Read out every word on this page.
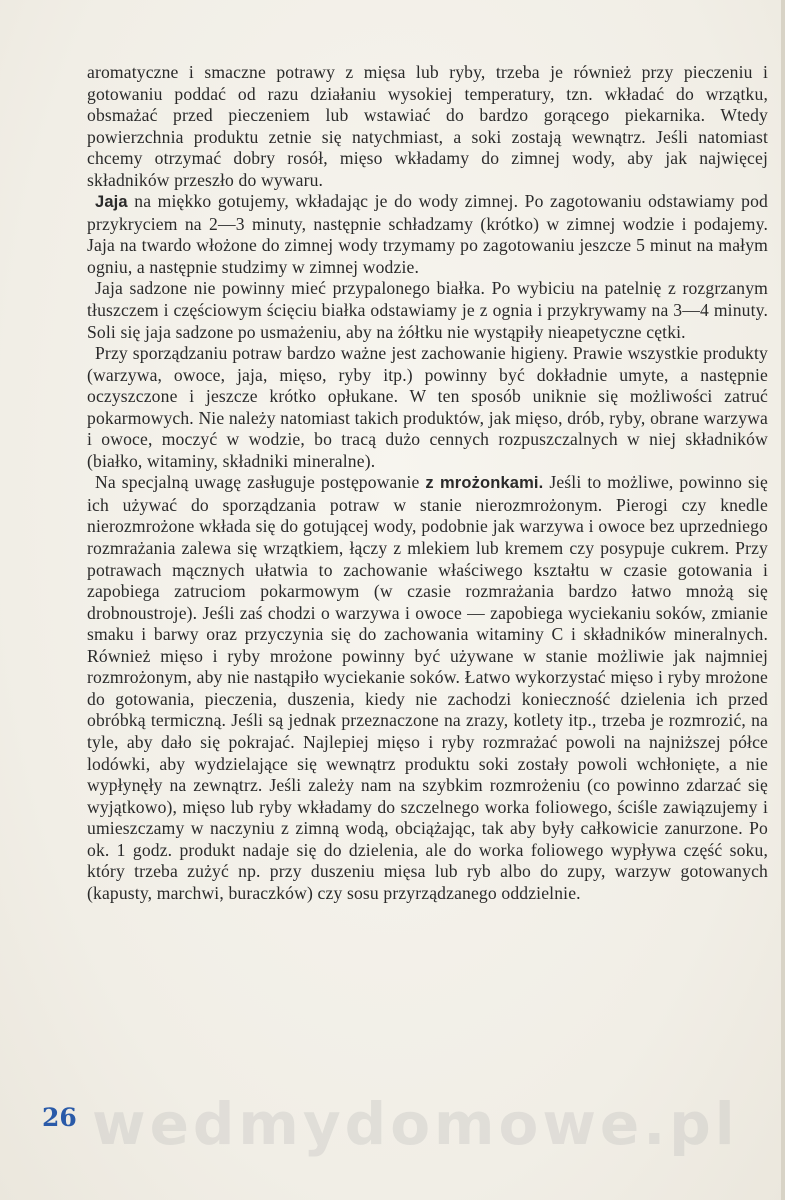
aromatyczne i smaczne potrawy z mięsa lub ryby, trzeba je również przy pieczeniu i gotowaniu poddać od razu działaniu wysokiej temperatury, tzn. wkładać do wrzątku, obsmażać przed pieczeniem lub wstawiać do bardzo gorącego piekarnika. Wtedy powierzchnia produktu zetnie się natychmiast, a soki zostają wewnątrz. Jeśli natomiast chcemy otrzymać dobry rosół, mięso wkładamy do zimnej wody, aby jak najwięcej składników przeszło do wywaru.

Jaja na miękko gotujemy, wkładając je do wody zimnej. Po zagotowaniu odstawiamy pod przykryciem na 2—3 minuty, następnie schładzamy (krótko) w zimnej wodzie i podajemy. Jaja na twardo włożone do zimnej wody trzymamy po zagotowaniu jeszcze 5 minut na małym ogniu, a następnie studzimy w zimnej wodzie.

Jaja sadzone nie powinny mieć przypalonego białka. Po wybiciu na patelnię z rozgrzanym tłuszczem i częściowym ścięciu białka odstawiamy je z ognia i przykrywamy na 3—4 minuty. Soli się jaja sadzone po usmażeniu, aby na żółtku nie wystąpiły nieapetyczne cętki.

Przy sporządzaniu potraw bardzo ważne jest zachowanie higieny. Prawie wszystkie produkty (warzywa, owoce, jaja, mięso, ryby itp.) powinny być dokładnie umyte, a następnie oczyszczone i jeszcze krótko opłukane. W ten sposób uniknie się możliwości zatruć pokarmowych. Nie należy natomiast takich produktów, jak mięso, drób, ryby, obrane warzywa i owoce, moczyć w wodzie, bo tracą dużo cennych rozpuszczalnych w niej składników (białko, witaminy, składniki mineralne).

Na specjalną uwagę zasługuje postępowanie z mrożonkami. Jeśli to możliwe, powinno się ich używać do sporządzania potraw w stanie nierozmrożonym. Pierogi czy knedle nierozmrożone wkłada się do gotującej wody, podobnie jak warzywa i owoce bez uprzedniego rozmrażania zalewa się wrzątkiem, łączy z mlekiem lub kremem czy posypuje cukrem. Przy potrawach mącznych ułatwia to zachowanie właściwego kształtu w czasie gotowania i zapobiega zatruciom pokarmowym (w czasie rozmrażania bardzo łatwo mnożą się drobnoustroje). Jeśli zaś chodzi o warzywa i owoce — zapobiega wyciekaniu soków, zmianie smaku i barwy oraz przyczynia się do zachowania witaminy C i składników mineralnych. Również mięso i ryby mrożone powinny być używane w stanie możliwie jak najmniej rozmrożonym, aby nie nastąpiło wyciekanie soków. Łatwo wykorzystać mięso i ryby mrożone do gotowania, pieczenia, duszenia, kiedy nie zachodzi konieczność dzielenia ich przed obróbką termiczną. Jeśli są jednak przeznaczone na zrazy, kotlety itp., trzeba je rozmrozić, na tyle, aby dało się pokrajać. Najlepiej mięso i ryby rozmrażać powoli na najniższej półce lodówki, aby wydzielające się wewnątrz produktu soki zostały powoli wchłonięte, a nie wypłynęły na zewnątrz. Jeśli zależy nam na szybkim rozmrożeniu (co powinno zdarzać się wyjątkowo), mięso lub ryby wkładamy do szczelnego worka foliowego, ściśle zawiązujemy i umieszczamy w naczyniu z zimną wodą, obciążając, tak aby były całkowicie zanurzone. Po ok. 1 godz. produkt nadaje się do dzielenia, ale do worka foliowego wypływa część soku, który trzeba zużyć np. przy duszeniu mięsa lub ryb albo do zupy, warzyw gotowanych (kapusty, marchwi, buraczków) czy sosu przyrządzanego oddzielnie.

wedmydomowe.pl
26
